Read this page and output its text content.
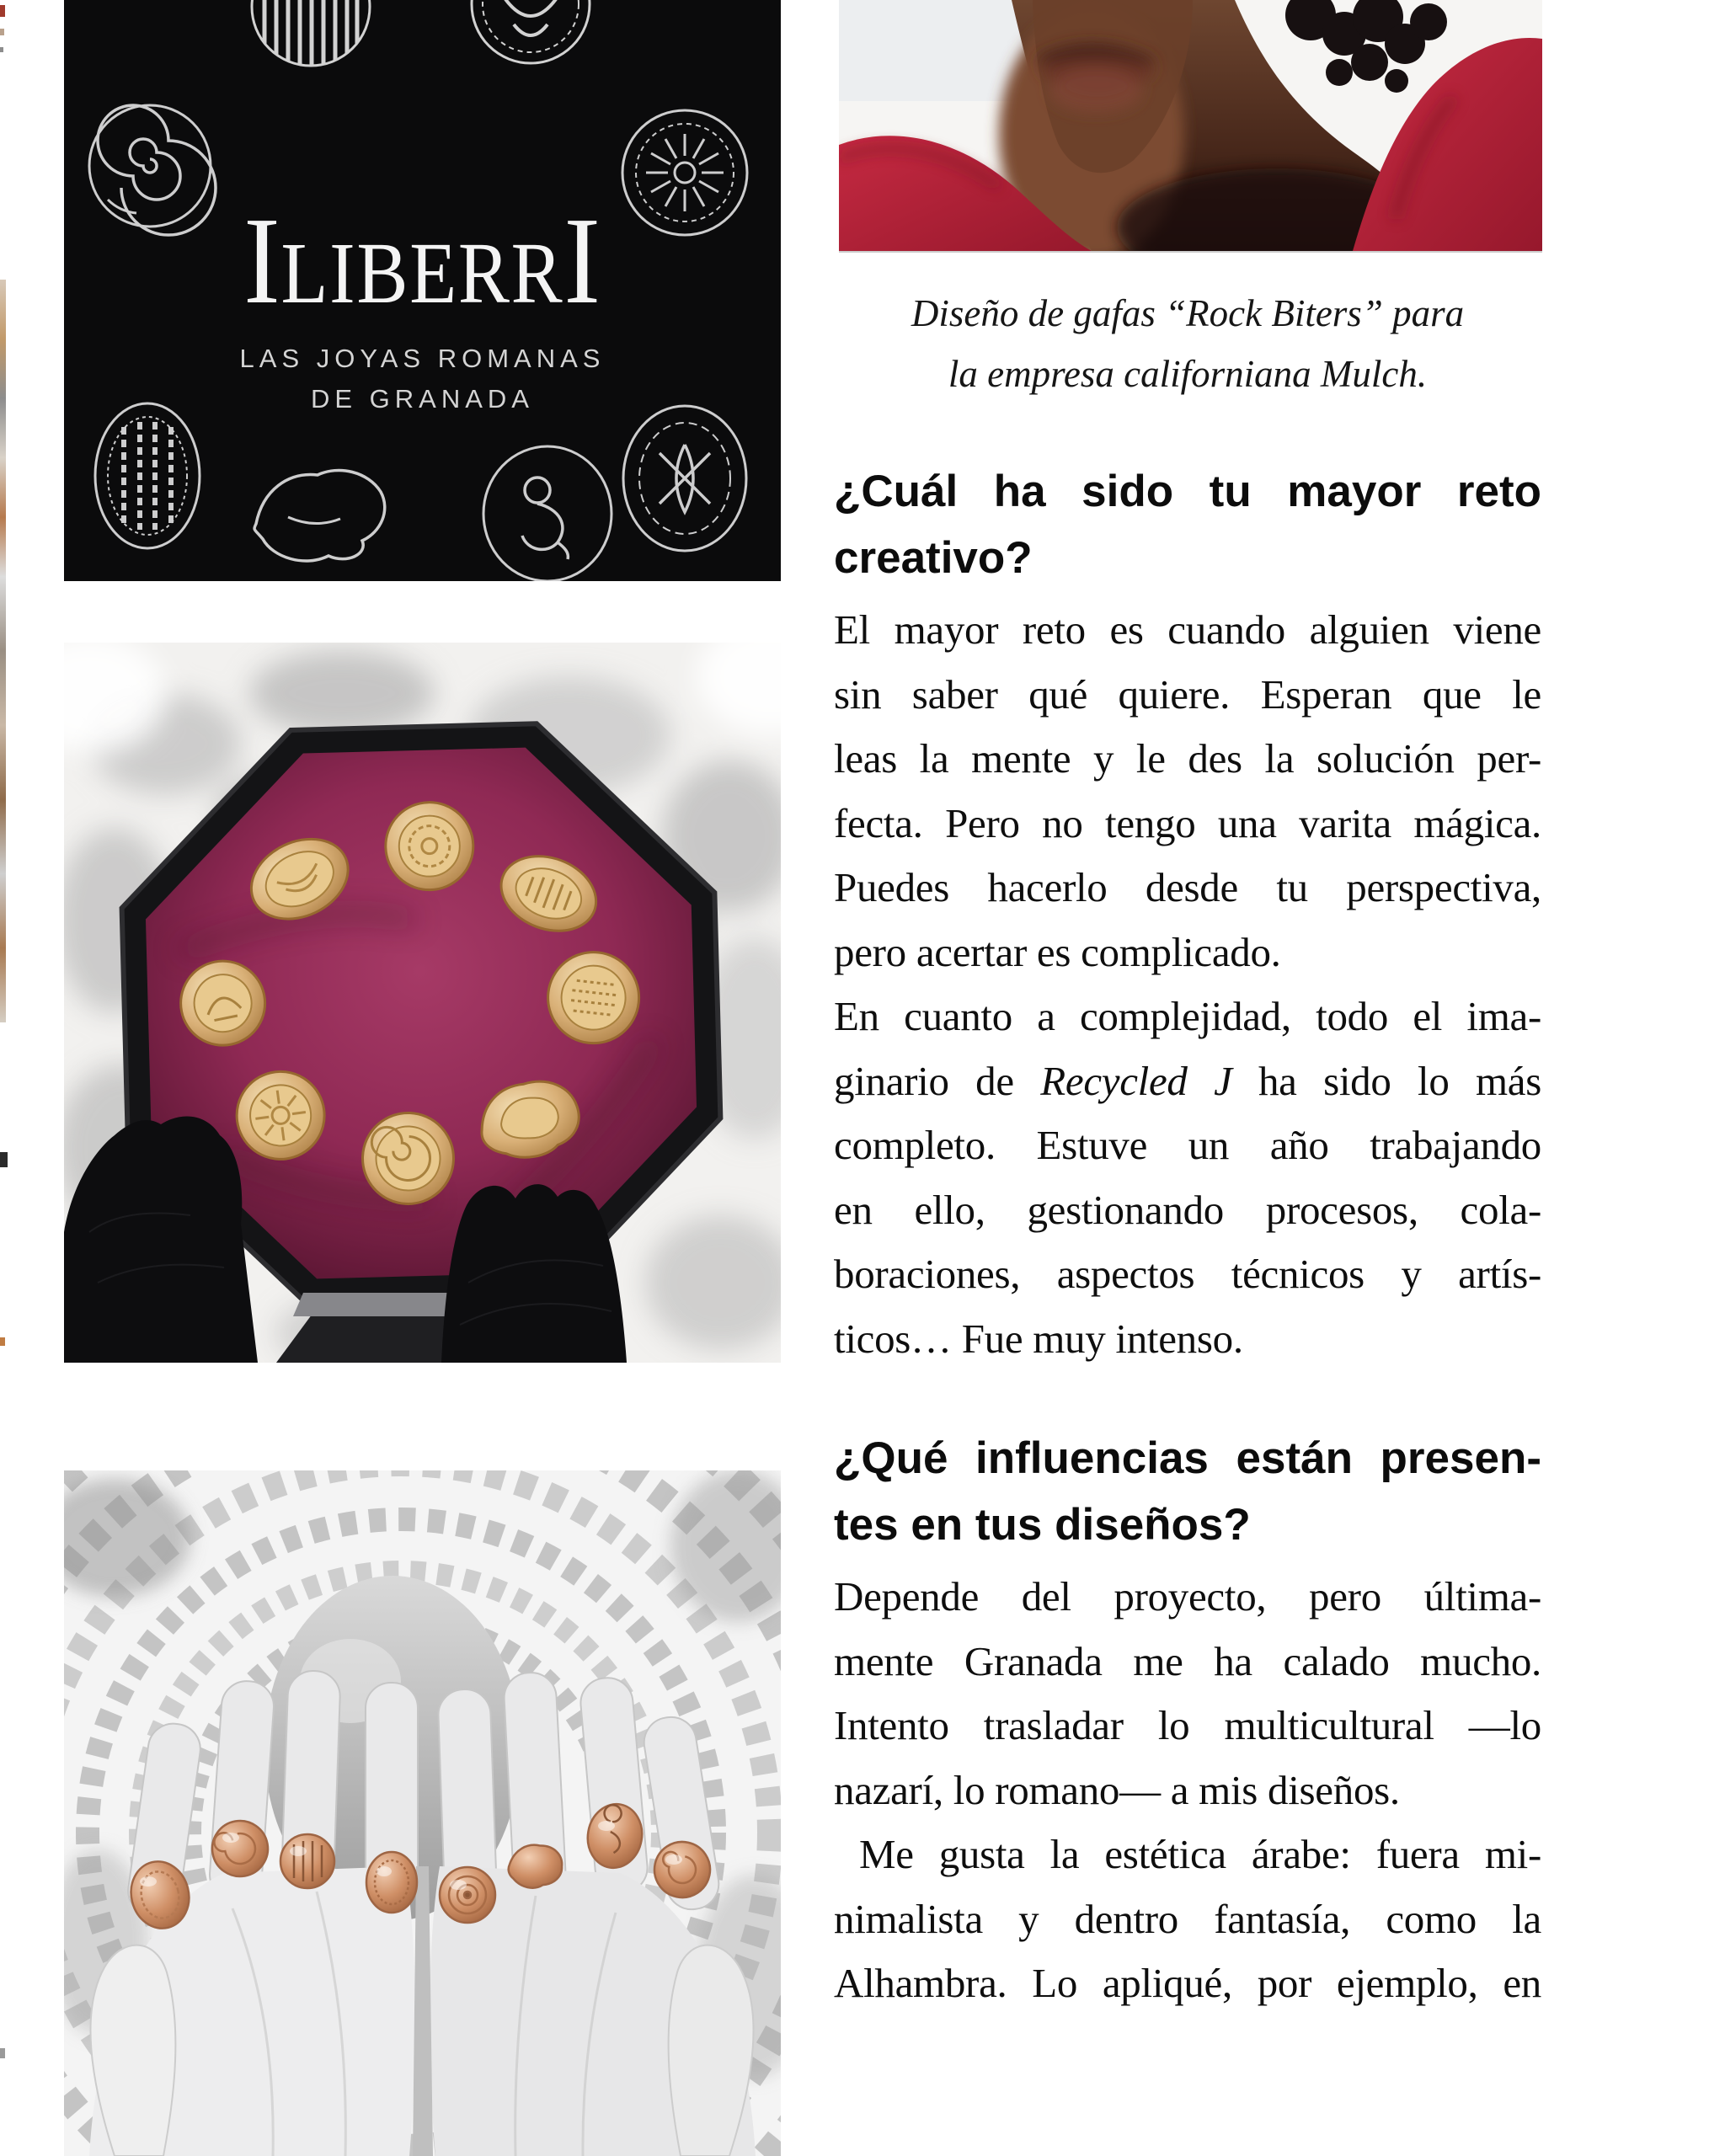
ILIBERRI
LAS JOYAS ROMANAS
DE GRANADA
Diseño de gafas “Rock Biters” para
la empresa californiana Mulch.
¿Cuál ha sido tu mayor reto
creativo?
El mayor reto es cuando alguien viene
sin saber qué quiere. Esperan que le
leas la mente y le des la solución per-
fecta. Pero no tengo una varita mágica.
Puedes hacerlo desde tu perspectiva,
pero acertar es complicado.
En cuanto a complejidad, todo el ima-
ginario de Recycled J ha sido lo más
completo. Estuve un año trabajando
en ello, gestionando procesos, cola-
boraciones, aspectos técnicos y artís-
ticos… Fue muy intenso.
¿Qué influencias están presen-
tes en tus diseños?
Depende del proyecto, pero última-
mente Granada me ha calado mucho.
Intento trasladar lo multicultural —lo
nazarí, lo romano— a mis diseños.
Me gusta la estética árabe: fuera mi-
nimalista y dentro fantasía, como la
Alhambra. Lo apliqué, por ejemplo, en
